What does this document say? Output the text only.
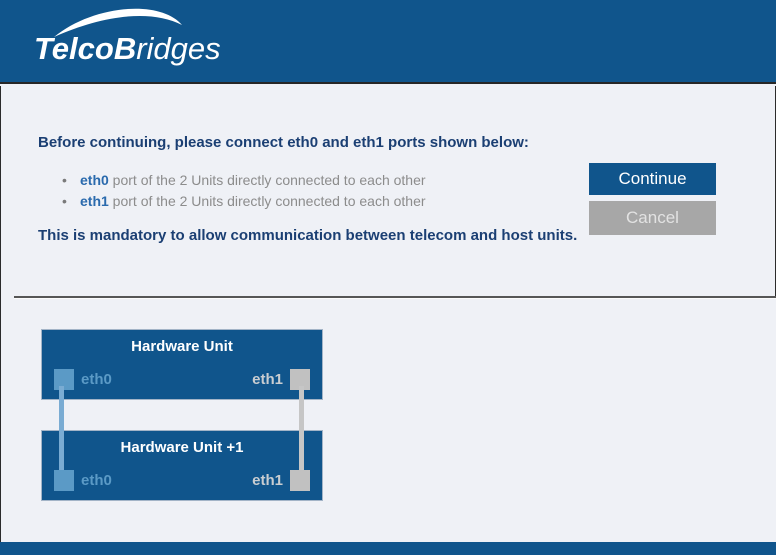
TelcoBridges

Before continuing, please connect eth0 and eth1 ports shown below:

• eth0 port of the 2 Units directly connected to each other
• eth1 port of the 2 Units directly connected to each other

This is mandatory to allow communication between telecom and host units.

Continue
Cancel
Hardware Unit
eth0	eth1
Hardware Unit +1
eth0	eth1
